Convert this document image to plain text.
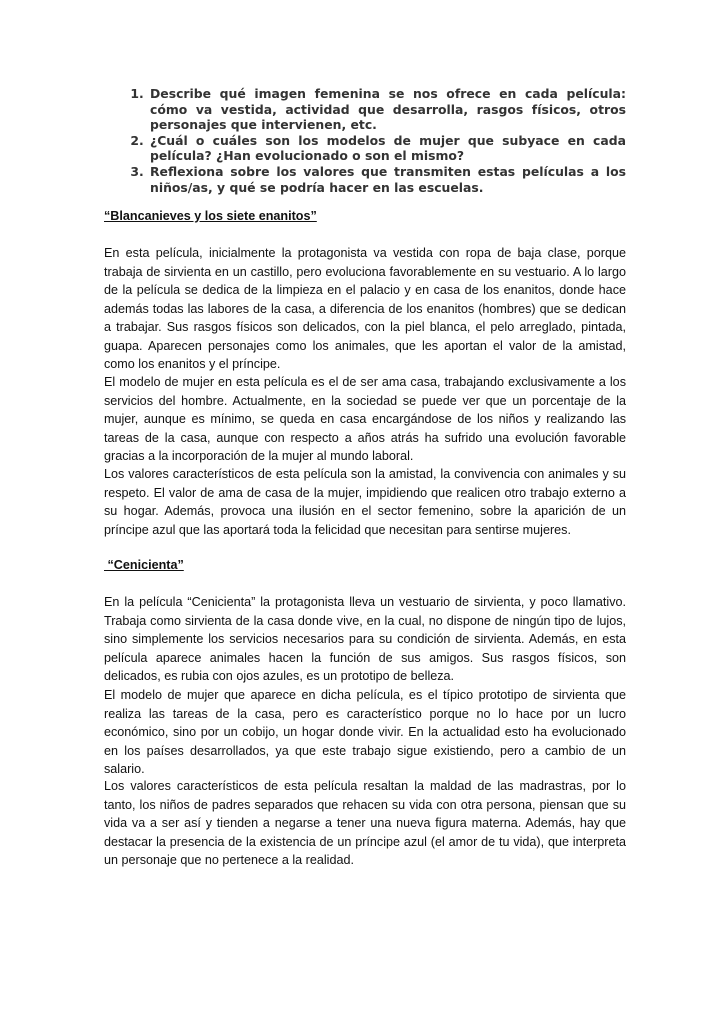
1. Describe qué imagen femenina se nos ofrece en cada película: cómo va vestida, actividad que desarrolla, rasgos físicos, otros personajes que intervienen, etc.
2. ¿Cuál o cuáles son los modelos de mujer que subyace en cada película? ¿Han evolucionado o son el mismo?
3. Reflexiona sobre los valores que transmiten estas películas a los niños/as, y qué se podría hacer en las escuelas.

“Blancanieves y los siete enanitos”

En esta película, inicialmente la protagonista va vestida con ropa de baja clase, porque trabaja de sirvienta en un castillo, pero evoluciona favorablemente en su vestuario. A lo largo de la película se dedica de la limpieza en el palacio y en casa de los enanitos, donde hace además todas las labores de la casa, a diferencia de los enanitos (hombres) que se dedican a trabajar. Sus rasgos físicos son delicados, con la piel blanca, el pelo arreglado, pintada, guapa. Aparecen personajes como los animales, que les aportan el valor de la amistad, como los enanitos y el príncipe.

El modelo de mujer en esta película es el de ser ama casa, trabajando exclusivamente a los servicios del hombre. Actualmente, en la sociedad se puede ver que un porcentaje de la mujer, aunque es mínimo, se queda en casa encargándose de los niños y realizando las tareas de la casa, aunque con respecto a años atrás ha sufrido una evolución favorable gracias a la incorporación de la mujer al mundo laboral.

Los valores característicos de esta película son la amistad, la convivencia con animales y su respeto. El valor de ama de casa de la mujer, impidiendo que realicen otro trabajo externo a su hogar. Además, provoca una ilusión en el sector femenino, sobre la aparición de un príncipe azul que las aportará toda la felicidad que necesitan para sentirse mujeres.

“Cenicienta”

En la película “Cenicienta” la protagonista lleva un vestuario de sirvienta, y poco llamativo. Trabaja como sirvienta de la casa donde vive, en la cual, no dispone de ningún tipo de lujos, sino simplemente los servicios necesarios para su condición de sirvienta. Además, en esta película aparece animales hacen la función de sus amigos. Sus rasgos físicos, son delicados, es rubia con ojos azules, es un prototipo de belleza.

El modelo de mujer que aparece en dicha película, es el típico prototipo de sirvienta que realiza las tareas de la casa, pero es característico porque no lo hace por un lucro económico, sino por un cobijo, un hogar donde vivir. En la actualidad esto ha evolucionado en los países desarrollados, ya que este trabajo sigue existiendo, pero a cambio de un salario.

Los valores característicos de esta película resaltan la maldad de las madrastras, por lo tanto, los niños de padres separados que rehacen su vida con otra persona, piensan que su vida va a ser así y tienden a negarse a tener una nueva figura materna. Además, hay que destacar la presencia de la existencia de un príncipe azul (el amor de tu vida), que interpreta un personaje que no pertenece a la realidad.
